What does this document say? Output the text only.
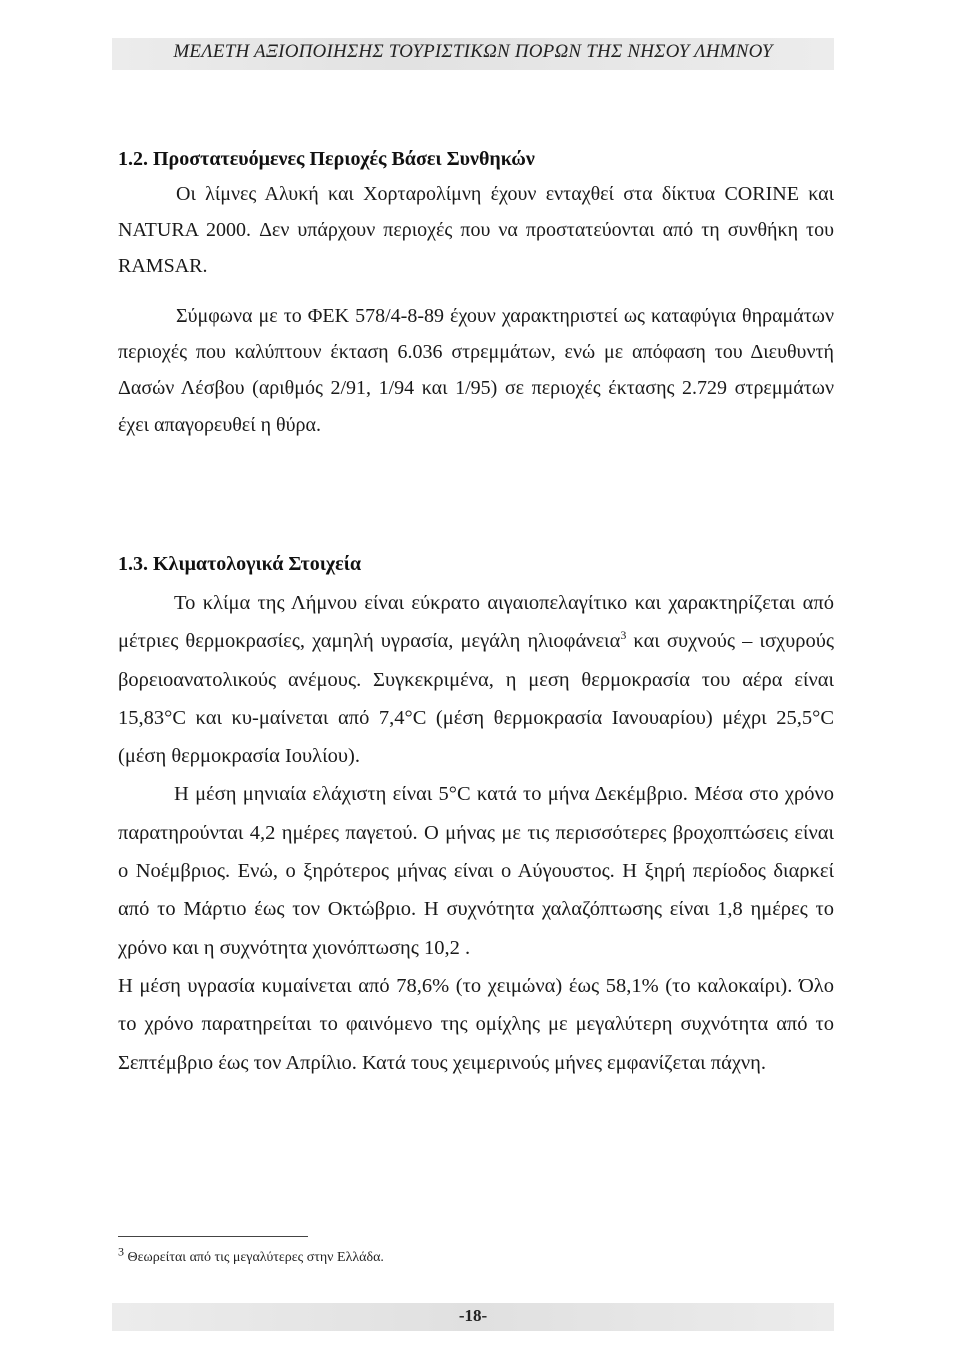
ΜΕΛΕΤΗ ΑΞΙΟΠΟΙΗΣΗΣ ΤΟΥΡΙΣΤΙΚΩΝ ΠΟΡΩΝ ΤΗΣ ΝΗΣΟΥ ΛΗΜΝΟΥ
1.2. Προστατευόμενες Περιοχές Βάσει Συνθηκών
Οι λίμνες Αλυκή και Χορταρολίμνη έχουν ενταχθεί στα δίκτυα CORINE και NATURA 2000. Δεν υπάρχουν περιοχές που να προστατεύονται από τη συνθήκη του RAMSAR.
Σύμφωνα με το ΦΕΚ 578/4-8-89 έχουν χαρακτηριστεί ως καταφύγια θηραμάτων περιοχές που καλύπτουν έκταση 6.036 στρεμμάτων, ενώ με απόφαση του Διευθυντή Δασών Λέσβου (αριθμός 2/91, 1/94 και 1/95) σε περιοχές έκτασης 2.729 στρεμμάτων έχει απαγορευθεί η θύρα.
1.3. Κλιματολογικά Στοιχεία

Το κλίμα της Λήμνου είναι εύκρατο αιγαιοπελαγίτικο και χαρακτηρίζεται από μέτριες θερμοκρασίες, χαμηλή υγρασία, μεγάλη ηλιοφάνεια$^3$ και συχνούς – ισχυρούς βορειοανατολικούς ανέμους. Συγκεκριμένα, η μεση θερμοκρασία του αέρα είναι 15,83°C και κυ-μαίνεται από 7,4°C (μέση θερμοκρασία Ιανουαρίου) μέχρι 25,5°C (μέση θερμοκρασία Ιουλίου).

Η μέση μηνιαία ελάχιστη είναι 5°C κατά το μήνα Δεκέμβριο. Μέσα στο χρόνο παρατηρούνται 4,2 ημέρες παγετού. Ο μήνας με τις περισσότερες βροχοπτώσεις είναι ο Νοέμβριος. Ενώ, ο ξηρότερος μήνας είναι ο Αύγουστος. Η ξηρή περίοδος διαρκεί από το Μάρτιο έως τον Οκτώβριο. Η συχνότητα χαλαζόπτωσης είναι 1,8 ημέρες το χρόνο και η συχνότητα χιονόπτωσης 10,2 .

Η μέση υγρασία κυμαίνεται από 78,6% (το χειμώνα) έως 58,1% (το καλοκαίρι). Όλο το χρόνο παρατηρείται το φαινόμενο της ομίχλης με μεγαλύτερη συχνότητα από το Σεπτέμβριο έως τον Απρίλιο. Κατά τους χειμερινούς μήνες εμφανίζεται πάχνη.

$^3$ Θεωρείται από τις μεγαλύτερες στην Ελλάδα.
-18-
